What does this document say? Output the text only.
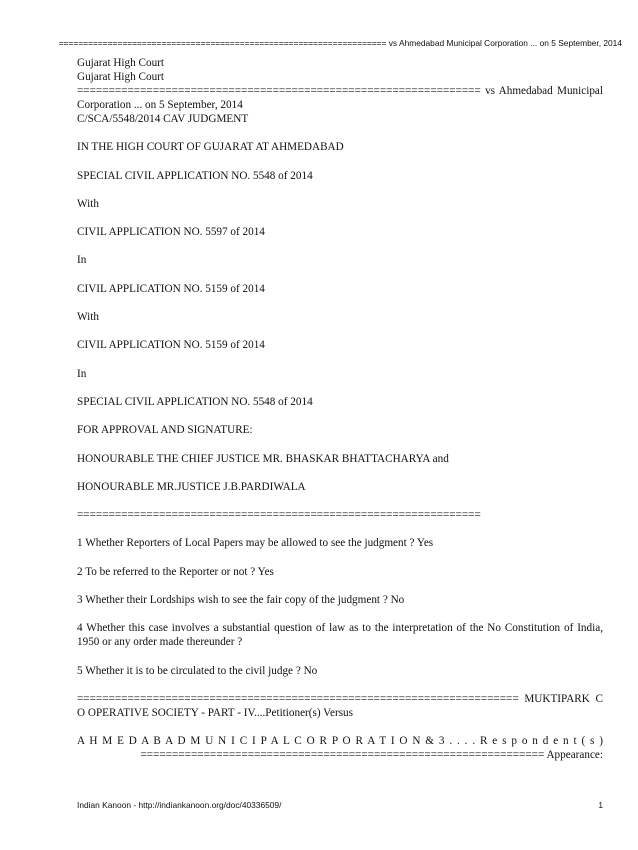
=================================================================== vs Ahmedabad Municipal Corporation ... on 5 September, 2014

Gujarat High Court

Gujarat High Court

================================================================ vs Ahmedabad Municipal Corporation ... on 5 September, 2014

C/SCA/5548/2014 CAV JUDGMENT

IN THE HIGH COURT OF GUJARAT AT AHMEDABAD

SPECIAL CIVIL APPLICATION NO. 5548 of 2014

With

CIVIL APPLICATION NO. 5597 of 2014

In

CIVIL APPLICATION NO. 5159 of 2014

With

CIVIL APPLICATION NO. 5159 of 2014

In

SPECIAL CIVIL APPLICATION NO. 5548 of 2014

FOR APPROVAL AND SIGNATURE:

HONOURABLE THE CHIEF JUSTICE MR. BHASKAR BHATTACHARYA and

HONOURABLE MR.JUSTICE J.B.PARDIWALA

================================================================

1 Whether Reporters of Local Papers may be allowed to see the judgment ? Yes

2 To be referred to the Reporter or not ? Yes

3 Whether their Lordships wish to see the fair copy of the judgment ? No

4 Whether this case involves a substantial question of law as to the interpretation of the No Constitution of India, 1950 or any order made thereunder ?

5 Whether it is to be circulated to the civil judge ? No

====================================================================== MUKTIPARK CO OPERATIVE SOCIETY - PART - IV....Petitioner(s) Versus

A H M E D A B A D M U N I C I P A L C O R P O R A T I O N & 3 . . . . R e s p o n d e n t ( s )

================================================================ Appearance:

Indian Kanoon - http://indiankanoon.org/doc/40336509/	1
